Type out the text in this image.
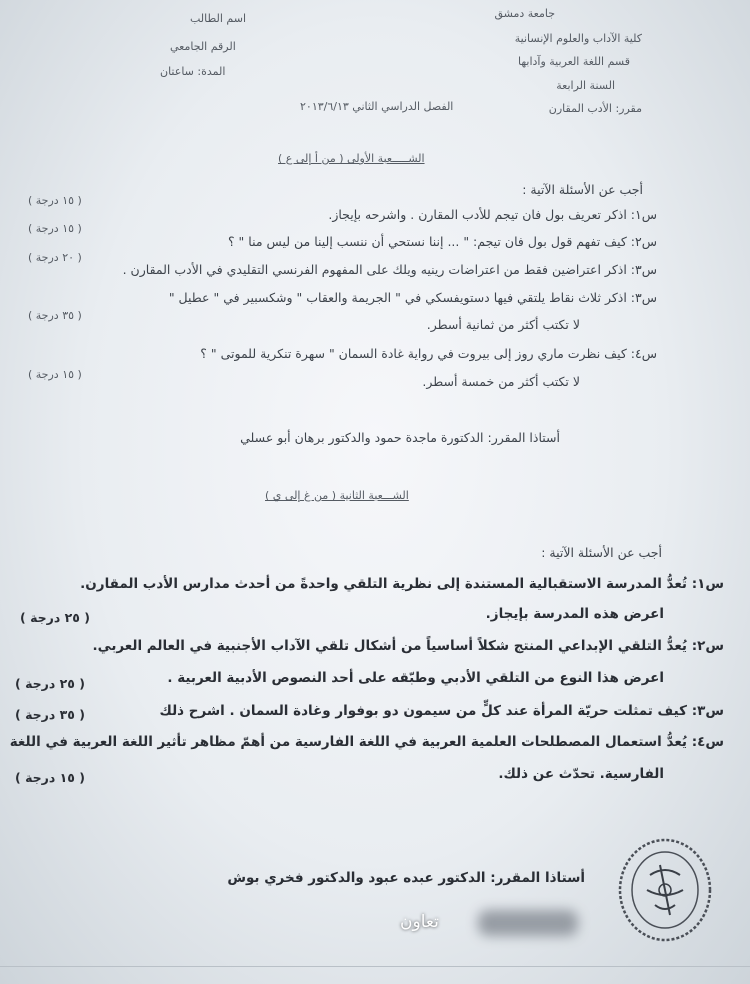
جامعة دمشق
كلية الآداب والعلوم الإنسانية
قسم اللغة العربية وآدابها
السنة الرابعة
مقرر: الأدب المقارن
اسم الطالب
الرقم الجامعي
المدة: ساعتان
الفصل الدراسي الثاني ٢٠١٣/٦/١٣
الشـــــعبة الأولى ( من أ إلى ع )
أجب عن الأسئلة الآتية :
س١: اذكر تعريف بول فان تيجم للأدب المقارن . واشرحه بإيجاز.
( ١٥ درجة )
س٢: كيف تفهم قول بول فان تيجم: " ... إننا نستحي أن ننسب إلينا من ليس منا " ؟
( ١٥ درجة )
س٣: اذكر اعتراضين فقط من اعتراضات رينيه ويلك على المفهوم الفرنسي التقليدي في الأدب المقارن .
( ٢٠ درجة )
س٣: اذكر ثلاث نقاط يلتقي فيها دستويفسكي في " الجريمة والعقاب " وشكسبير في " عطيل "
لا تكتب أكثر من ثمانية أسطر.
( ٣٥ درجة )
س٤: كيف نظرت ماري روز إلى بيروت في رواية غادة السمان " سهرة تنكرية للموتى " ؟
لا تكتب أكثر من خمسة أسطر.
( ١٥ درجة )
أستاذا المقرر: الدكتورة ماجدة حمود والدكتور برهان أبو عسلي
الشـــعبة الثانية ( من غ إلى ي )
أجب عن الأسئلة الآتية :
س١: تُعدُّ المدرسة الاستقبالية المستندة إلى نظرية التلقي واحدةً من أحدث مدارس الأدب المقارن.
اعرض هذه المدرسة بإيجاز.
( ٢٥ درجة )
س٢: يُعدُّ التلقي الإبداعي المنتج شكلاً أساسياً من أشكال تلقي الآداب الأجنبية في العالم العربي.
اعرض هذا النوع من التلقي الأدبي وطبّقه على أحد النصوص الأدبية العربية .
( ٢٥ درجة )
س٣: كيف تمثلت حريّة المرأة عند كلٍّ من سيمون دو بوفوار وغادة السمان . اشرح ذلك
( ٣٥ درجة )
س٤: يُعدُّ استعمال المصطلحات العلمية العربية في اللغة الفارسية من أهمّ مظاهر تأثير اللغة العربية في اللغة
الفارسية. تحدّث عن ذلك.
( ١٥ درجة )
أستاذا المقرر: الدكتور عبده عبود والدكتور فخري بوش
تعاون
